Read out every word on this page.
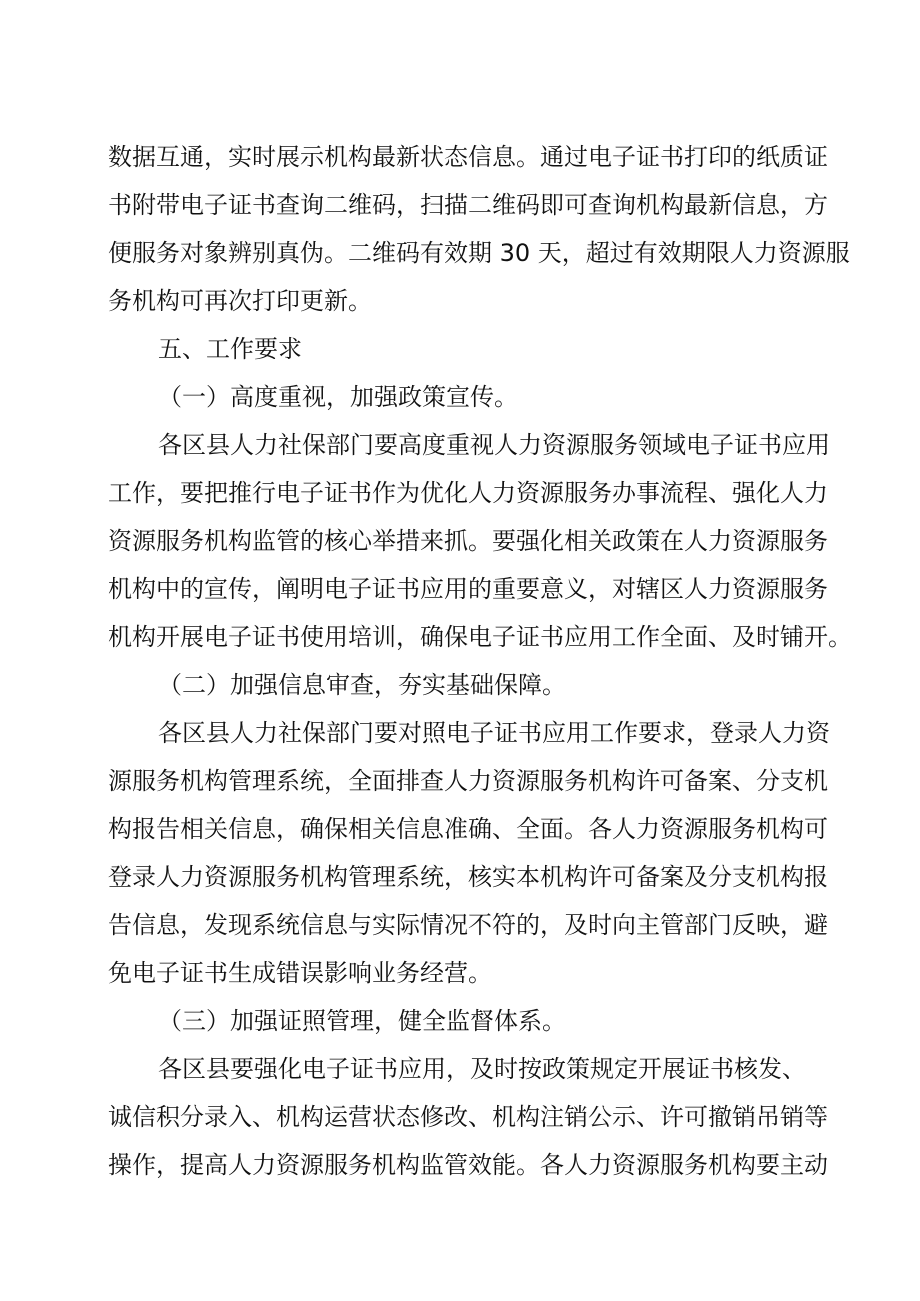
数据互通，实时展示机构最新状态信息。通过电子证书打印的纸质证

书附带电子证书查询二维码，扫描二维码即可查询机构最新信息，方

便服务对象辨别真伪。二维码有效期 30 天，超过有效期限人力资源服

务机构可再次打印更新。

五、工作要求

（一）高度重视，加强政策宣传。

各区县人力社保部门要高度重视人力资源服务领域电子证书应用

工作，要把推行电子证书作为优化人力资源服务办事流程、强化人力

资源服务机构监管的核心举措来抓。要强化相关政策在人力资源服务

机构中的宣传，阐明电子证书应用的重要意义，对辖区人力资源服务

机构开展电子证书使用培训，确保电子证书应用工作全面、及时铺开。

（二）加强信息审查，夯实基础保障。

各区县人力社保部门要对照电子证书应用工作要求，登录人力资

源服务机构管理系统，全面排查人力资源服务机构许可备案、分支机

构报告相关信息，确保相关信息准确、全面。各人力资源服务机构可

登录人力资源服务机构管理系统，核实本机构许可备案及分支机构报

告信息，发现系统信息与实际情况不符的，及时向主管部门反映，避

免电子证书生成错误影响业务经营。

（三）加强证照管理，健全监督体系。

各区县要强化电子证书应用，及时按政策规定开展证书核发、

诚信积分录入、机构运营状态修改、机构注销公示、许可撤销吊销等

操作，提高人力资源服务机构监管效能。各人力资源服务机构要主动
